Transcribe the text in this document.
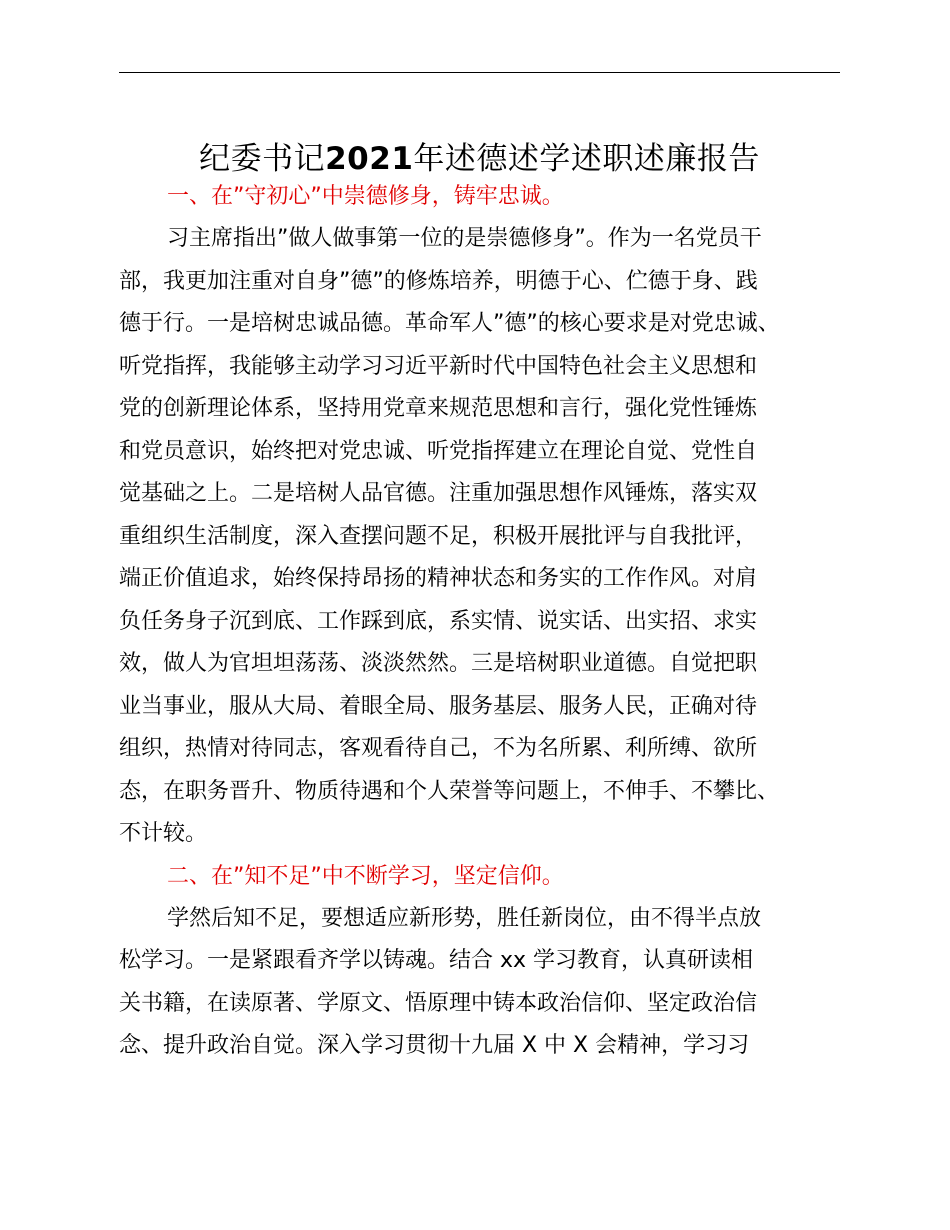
纪委书记2021年述德述学述职述廉报告

一、在”守初心”中崇德修身，铸牢忠诚。

习主席指出”做人做事第一位的是崇德修身”。作为一名党员干
部，我更加注重对自身”德”的修炼培养，明德于心、伫德于身、践
德于行。一是培树忠诚品德。革命军人”德”的核心要求是对党忠诚、
听党指挥，我能够主动学习习近平新时代中国特色社会主义思想和
党的创新理论体系，坚持用党章来规范思想和言行，强化党性锤炼
和党员意识，始终把对党忠诚、听党指挥建立在理论自觉、党性自
觉基础之上。二是培树人品官德。注重加强思想作风锤炼，落实双
重组织生活制度，深入查摆问题不足，积极开展批评与自我批评，
端正价值追求，始终保持昂扬的精神状态和务实的工作作风。对肩
负任务身子沉到底、工作踩到底，系实情、说实话、出实招、求实
效，做人为官坦坦荡荡、淡淡然然。三是培树职业道德。自觉把职
业当事业，服从大局、着眼全局、服务基层、服务人民，正确对待
组织，热情对待同志，客观看待自己，不为名所累、利所缚、欲所
态，在职务晋升、物质待遇和个人荣誉等问题上，不伸手、不攀比、
不计较。

二、在”知不足”中不断学习，坚定信仰。

学然后知不足，要想适应新形势，胜任新岗位，由不得半点放
松学习。一是紧跟看齐学以铸魂。结合 xx 学习教育，认真研读相
关书籍，在读原著、学原文、悟原理中铸本政治信仰、坚定政治信
念、提升政治自觉。深入学习贯彻十九届 X 中 X 会精神，学习习
